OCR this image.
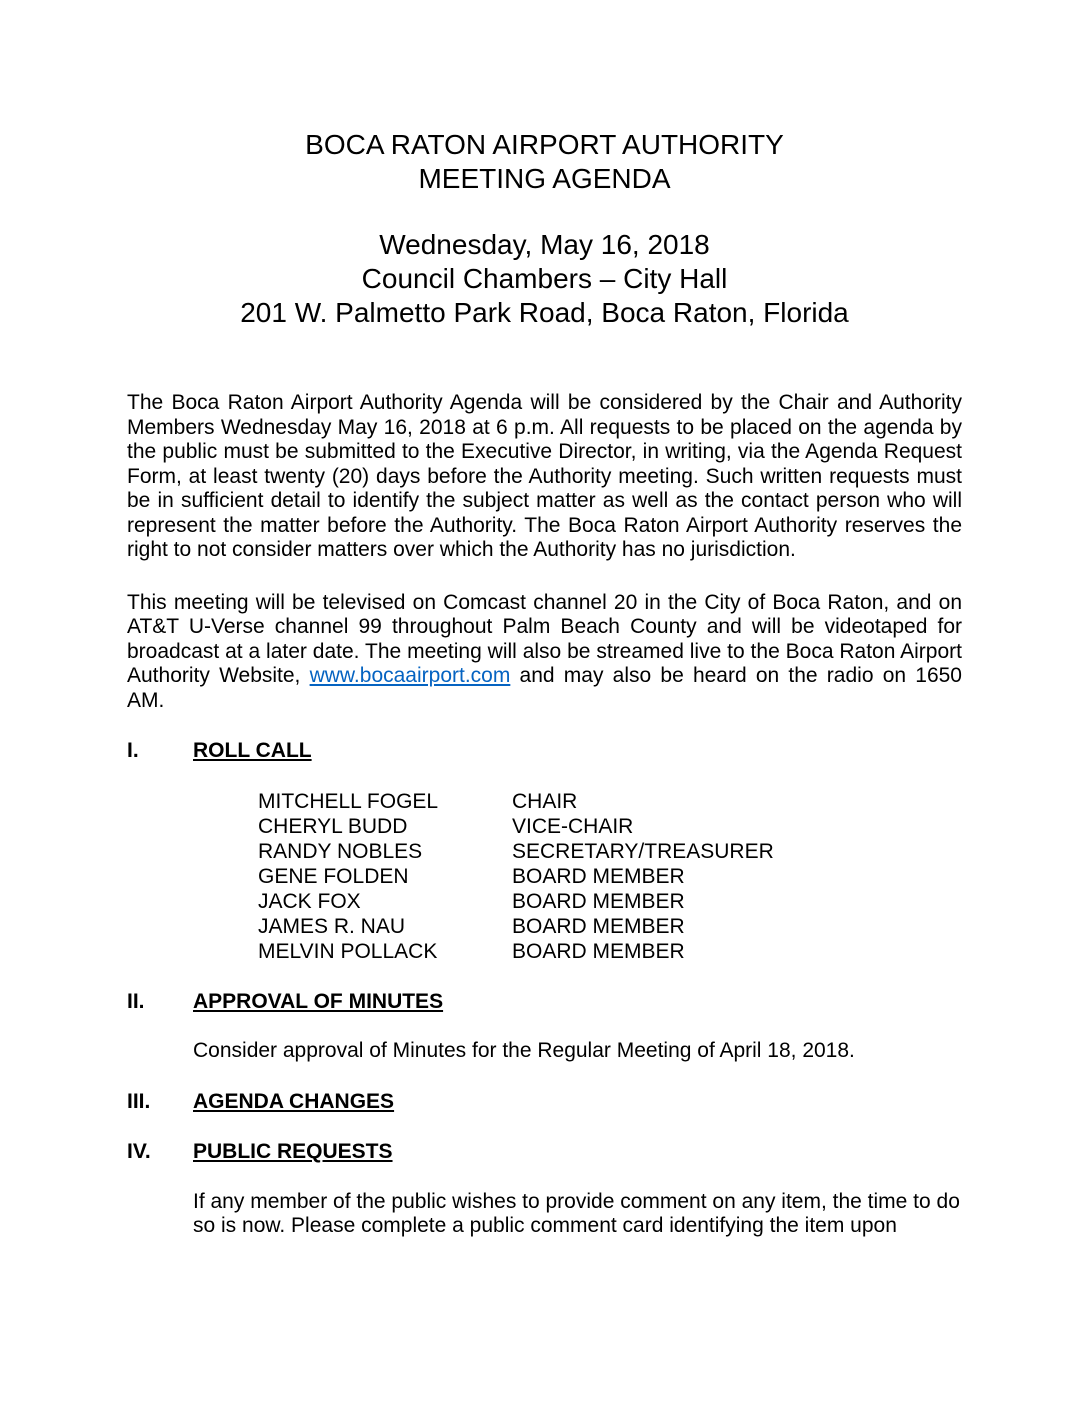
BOCA RATON AIRPORT AUTHORITY
MEETING AGENDA
Wednesday, May 16, 2018
Council Chambers – City Hall
201 W. Palmetto Park Road, Boca Raton, Florida
The Boca Raton Airport Authority Agenda will be considered by the Chair and Authority Members Wednesday May 16, 2018 at 6 p.m. All requests to be placed on the agenda by the public must be submitted to the Executive Director, in writing, via the Agenda Request Form, at least twenty (20) days before the Authority meeting. Such written requests must be in sufficient detail to identify the subject matter as well as the contact person who will represent the matter before the Authority. The Boca Raton Airport Authority reserves the right to not consider matters over which the Authority has no jurisdiction.
This meeting will be televised on Comcast channel 20 in the City of Boca Raton, and on AT&T U-Verse channel 99 throughout Palm Beach County and will be videotaped for broadcast at a later date. The meeting will also be streamed live to the Boca Raton Airport Authority Website, www.bocaairport.com and may also be heard on the radio on 1650 AM.
I.	ROLL CALL
MITCHELL FOGEL	CHAIR
CHERYL BUDD	VICE-CHAIR
RANDY NOBLES	SECRETARY/TREASURER
GENE FOLDEN	BOARD MEMBER
JACK FOX	BOARD MEMBER
JAMES R. NAU	BOARD MEMBER
MELVIN POLLACK	BOARD MEMBER
II.	APPROVAL OF MINUTES
Consider approval of Minutes for the Regular Meeting of April 18, 2018.
III.	AGENDA CHANGES
IV.	PUBLIC REQUESTS
If any member of the public wishes to provide comment on any item, the time to do so is now. Please complete a public comment card identifying the item upon
